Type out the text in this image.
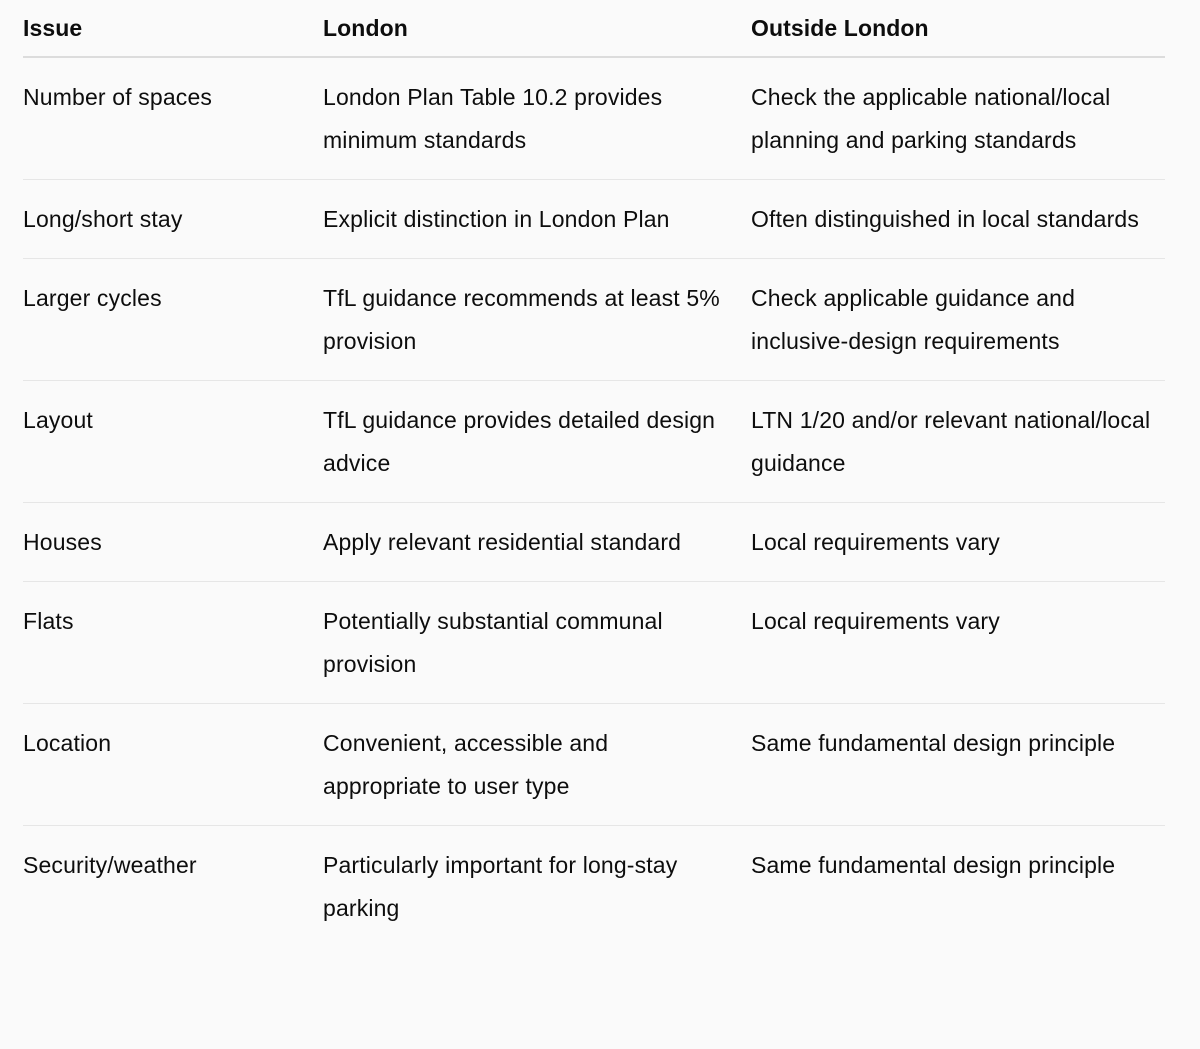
Issue	London	Outside London
Number of spaces	London Plan Table 10.2 provides minimum standards	Check the applicable national/local planning and parking standards
Long/short stay	Explicit distinction in London Plan	Often distinguished in local standards
Larger cycles	TfL guidance recommends at least 5% provision	Check applicable guidance and inclusive-design requirements
Layout	TfL guidance provides detailed design advice	LTN 1/20 and/or relevant national/local guidance
Houses	Apply relevant residential standard	Local requirements vary
Flats	Potentially substantial communal provision	Local requirements vary
Location	Convenient, accessible and appropriate to user type	Same fundamental design principle
Security/weather	Particularly important for long-stay parking	Same fundamental design principle
